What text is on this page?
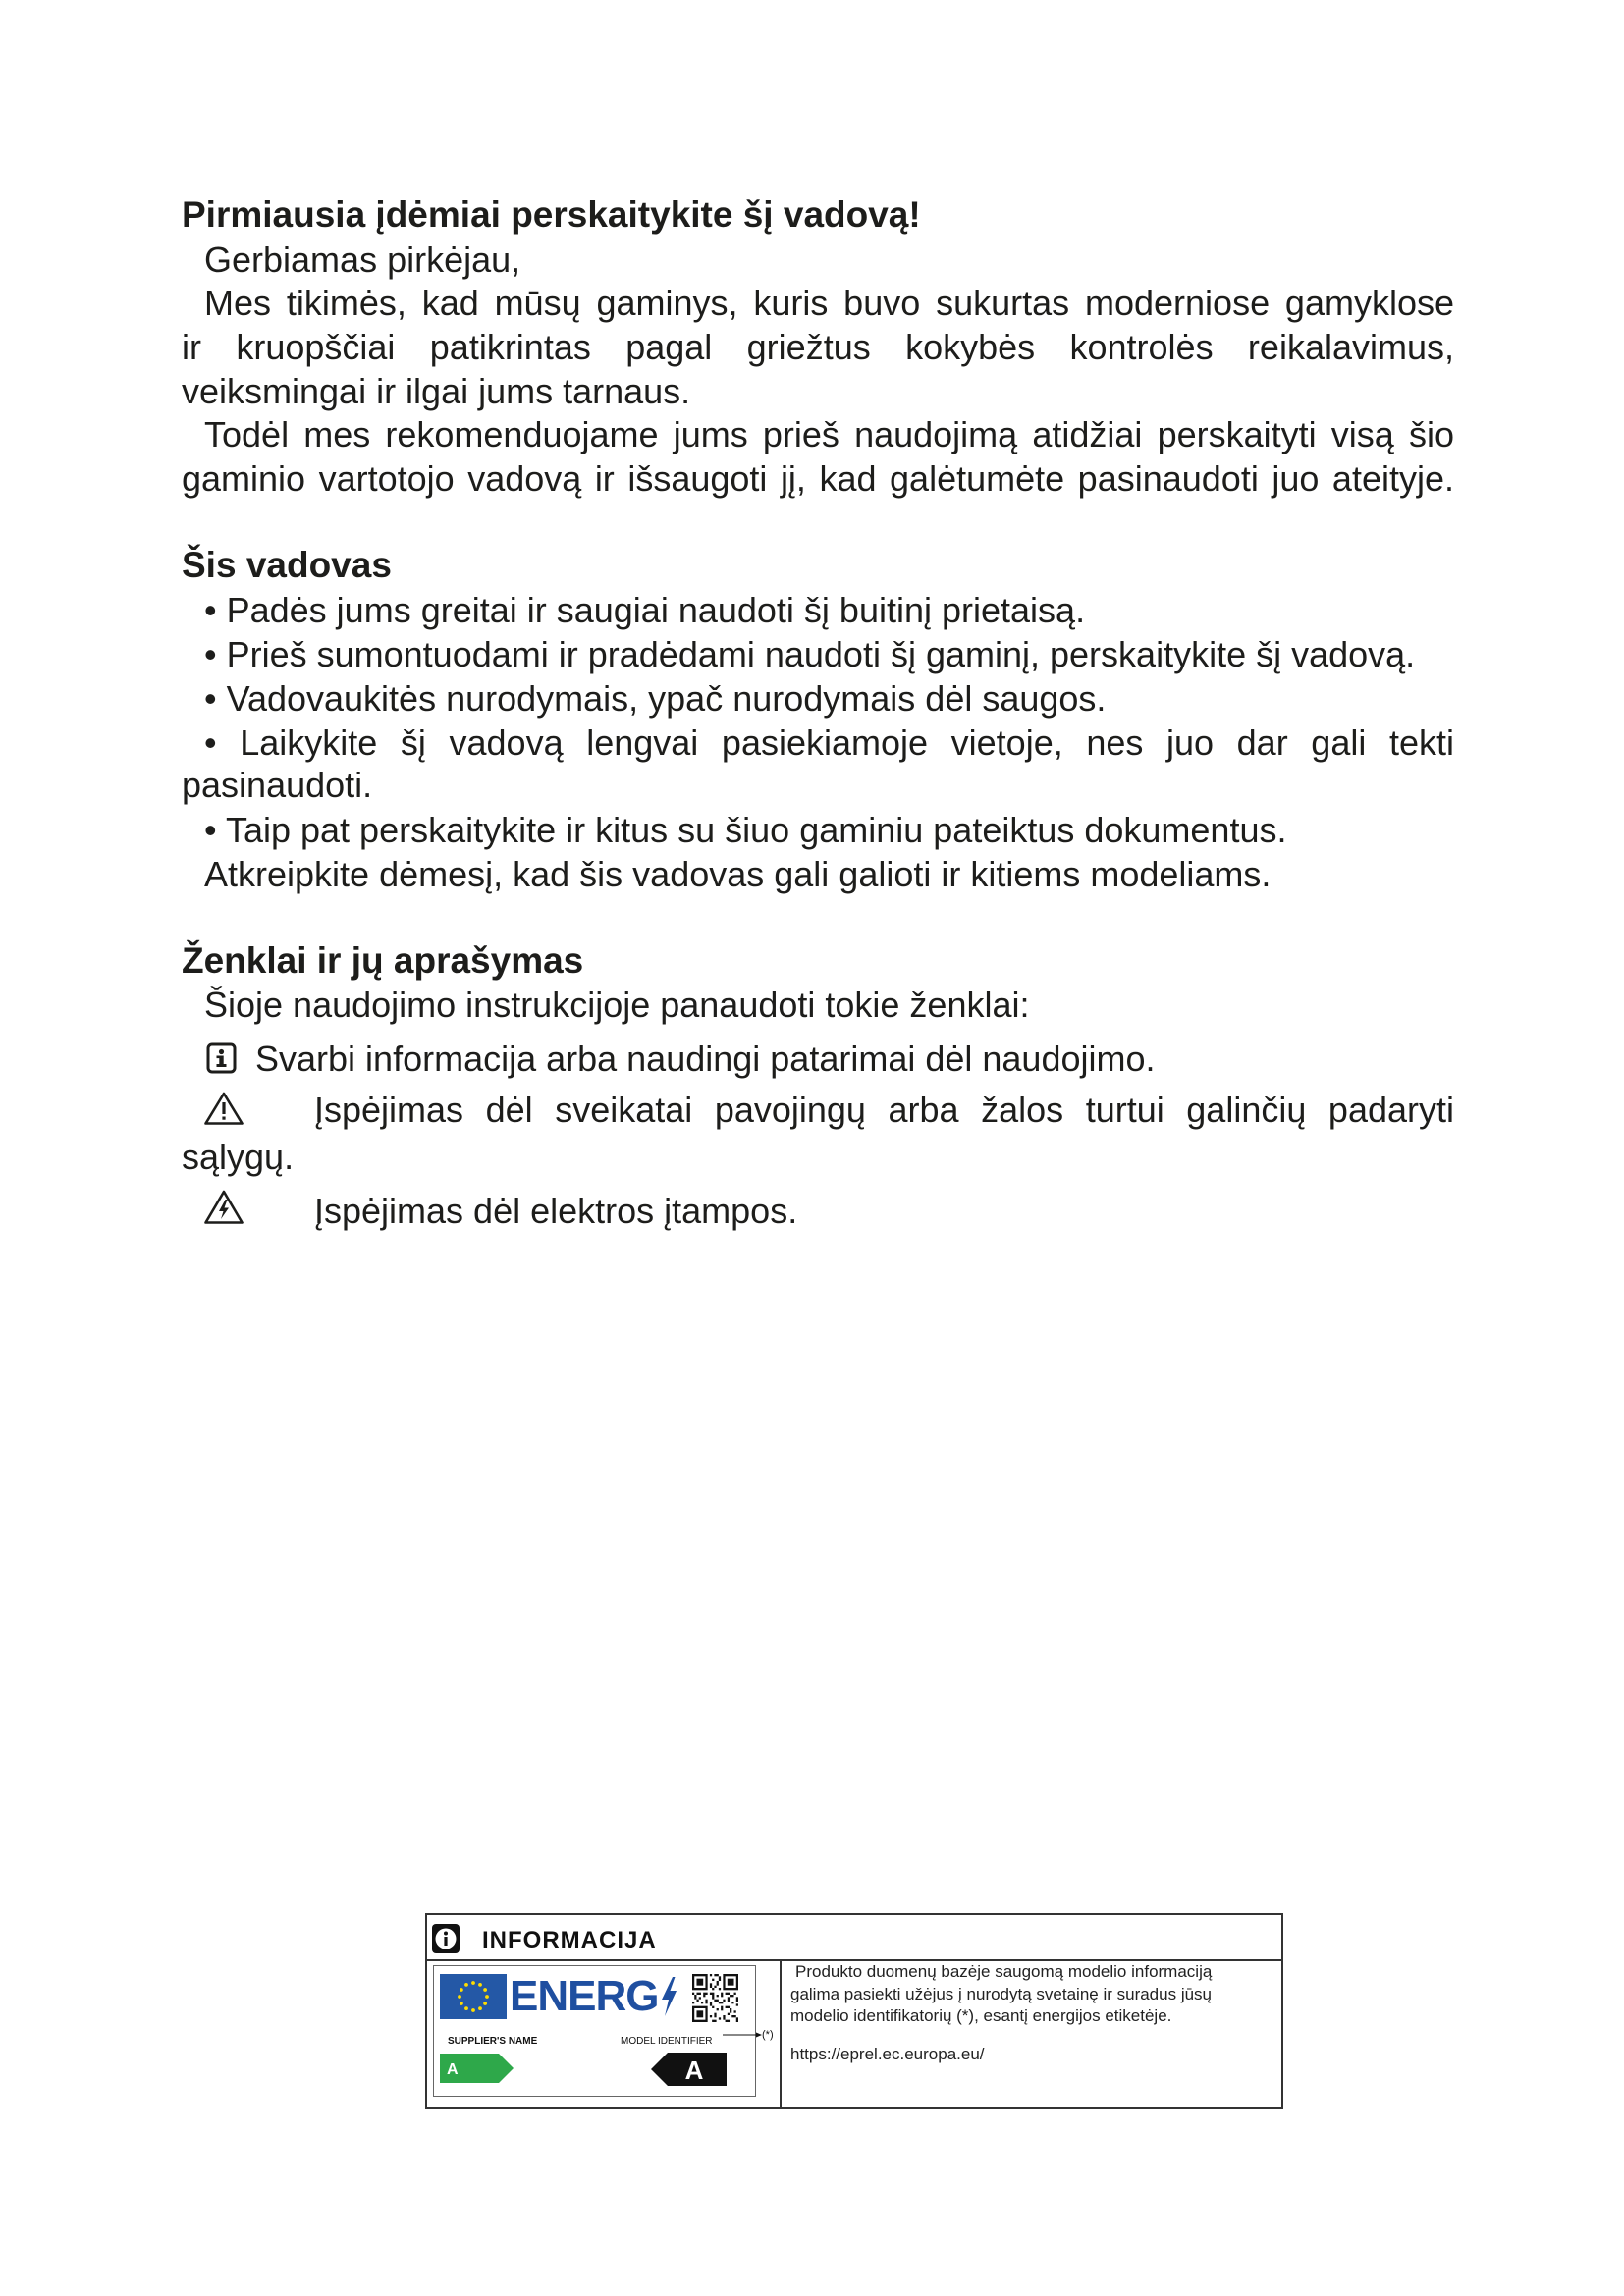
Pirmiausia įdėmiai perskaitykite šį vadovą!
Gerbiamas pirkėjau,
Mes tikimės, kad mūsų gaminys, kuris buvo sukurtas moderniose gamyklose
ir kruopščiai patikrintas pagal griežtus kokybės kontrolės reikalavimus,
veiksmingai ir ilgai jums tarnaus.
Todėl mes rekomenduojame jums prieš naudojimą atidžiai perskaityti visą šio
gaminio vartotojo vadovą ir išsaugoti jį, kad galėtumėte pasinaudoti juo ateityje.
Šis vadovas
• Padės jums greitai ir saugiai naudoti šį buitinį prietaisą.
• Prieš sumontuodami ir pradėdami naudoti šį gaminį, perskaitykite šį vadovą.
• Vadovaukitės nurodymais, ypač nurodymais dėl saugos.
• Laikykite šį vadovą lengvai pasiekiamoje vietoje, nes juo dar gali tekti
pasinaudoti.
• Taip pat perskaitykite ir kitus su šiuo gaminiu pateiktus dokumentus.
Atkreipkite dėmesį, kad šis vadovas gali galioti ir kitiems modeliams.
Ženklai ir jų aprašymas
Šioje naudojimo instrukcijoje panaudoti tokie ženklai:
Svarbi informacija arba naudingi patarimai dėl naudojimo.
Įspėjimas dėl sveikatai pavojingų arba žalos turtui galinčių padaryti
sąlygų.
Įspėjimas dėl elektros įtampos.
INFORMACIJA
ENERG
SUPPLIER'S NAME	MODEL IDENTIFIER
(*)
A	A
Produkto duomenų bazėje saugomą modelio informaciją
galima pasiekti užėjus į nurodytą svetainę ir suradus jūsų
modelio identifikatorių (*), esantį energijos etiketėje.
https://eprel.ec.europa.eu/
